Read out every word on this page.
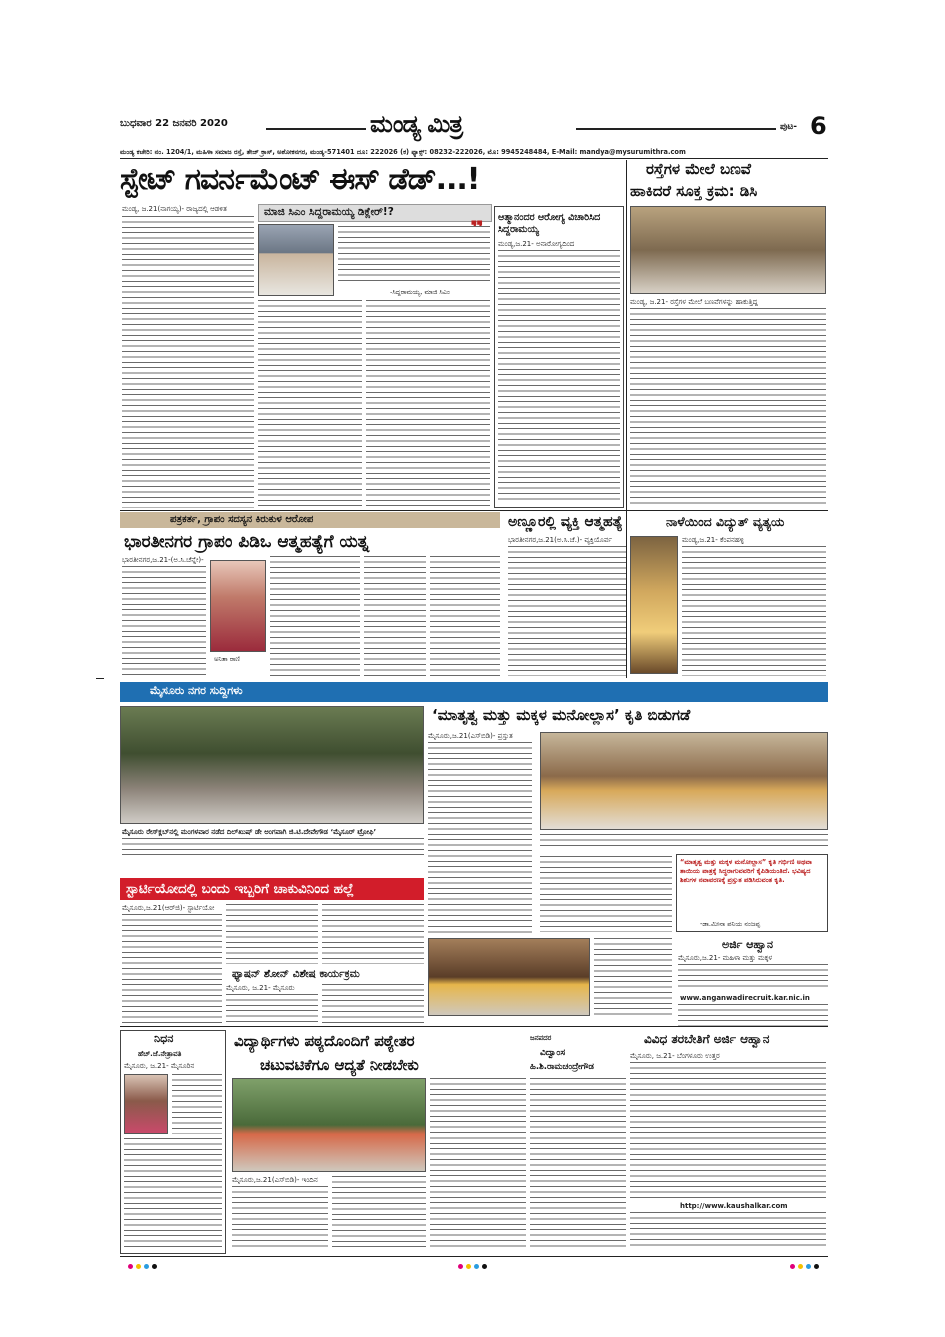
ಬುಧವಾರ 22 ಜನವರಿ 2020	ಮಂಡ್ಯ ಮಿತ್ರ	ಪುಟ- 6
ಮಂಡ್ಯ ಕಚೇರಿ: ನಂ. 1204/1, ಮಹಿಳಾ ಸಮಾಜ ರಸ್ತೆ, ತೇಜ್ ಕ್ರಾಸ್, ಅಶೋಕನಗರ, ಮಂಡ್ಯ-571401 ದೂ: 222026 (ಕ) ಫ್ಯಾಕ್ಸ್: 08232-222026, ಮೊ: 9945248484, E-Mail: mandya@mysurumithra.com
ಸ್ಟೇಟ್ ಗವರ್ನಮೆಂಟ್ ಈಸ್ ಡೆಡ್...!
ಮಾಜಿ ಸಿಎಂ ಸಿದ್ದರಾಮಯ್ಯ ಡಿಕ್ಲೇರ್!?
ಮಂಡ್ಯ, ಜ.21(ನಾಗಯ್ಯ)- ರಾಜ್ಯದಲ್ಲಿ ಆಡಳಿತ
-ಸಿದ್ದರಾಮಯ್ಯ, ಮಾಜಿ ಸಿಎಂ
ಆತ್ಮಾನಂದರ ಆರೋಗ್ಯ ವಿಚಾರಿಸಿದ ಸಿದ್ದರಾಮಯ್ಯ
ಮಂಡ್ಯ,ಜ.21- ಅನಾರೋಗ್ಯದಿಂದ
ರಸ್ತೆಗಳ ಮೇಲೆ ಬಣವೆ
ಹಾಕಿದರೆ ಸೂಕ್ತ ಕ್ರಮ: ಡಿಸಿ
ಮಂಡ್ಯ, ಜ.21- ರಸ್ತೆಗಳ ಮೇಲೆ ಬಣವೆಗಳನ್ನು ಹಾಕುತ್ತಿದ್ದ
ಪತ್ರಕರ್ತ, ಗ್ರಾಪಂ ಸದಸ್ಯನ ಕಿರುಕುಳ ಆರೋಪ
ಭಾರತೀನಗರ ಗ್ರಾಪಂ ಪಿಡಿಒ ಆತ್ಮಹತ್ಯೆಗೆ ಯತ್ನ
ಭಾರತೀನಗರ,ಜ.21-(ಅ.ಸಿ.ಚೆನ್ನೇ)-
ಅನಿತಾ ರಾಣಿ
ಅಣ್ಣೂರಲ್ಲಿ ವ್ಯಕ್ತಿ ಆತ್ಮಹತ್ಯೆ
ಭಾರತೀನಗರ,ಜ.21(ಅ.ಸಿ.ಚೆ.)- ವ್ಯಕ್ತಿಯೊರ್ವ
ನಾಳೆಯಿಂದ ವಿದ್ಯುತ್ ವ್ಯತ್ಯಯ
ಮಂಡ್ಯ,ಜ.21- ಕೆಂಪನಹಳ್ಳಿ
ಮೈಸೂರು ನಗರ ಸುದ್ದಿಗಳು
ಮೈಸೂರು ರೇಸ್‌ಕ್ಲಬ್‌ನಲ್ಲಿ ಮಂಗಳವಾರ ನಡೆದ ದಿಲ್‌ಖುಷ್ ಡೇ ಅಂಗವಾಗಿ ಜಿ.ಟಿ.ದೇವೇಗೌಡ ‘ಮೈಸೂರ್ ಟ್ರೋಫಿ’
‘ಮಾತೃತ್ವ ಮತ್ತು ಮಕ್ಕಳ ಮನೋಲ್ಲಾಸ’ ಕೃತಿ ಬಿಡುಗಡೆ
ಮೈಸೂರು,ಜ.21(ಎಸ್‌ಬಿಡಿ)- ಪ್ರಸ್ತುತ
“ಮಾತೃತ್ವ ಮತ್ತು ಮಕ್ಕಳ ಮನೋಲ್ಲಾಸ” ಕೃತಿ ಗರ್ಭಿಣಿ ಅಥವಾ ತಾಯಿಯ ಪಾತ್ರಕ್ಕೆ ಸಿದ್ಧರಾಗುವವರಿಗೆ ಕೈಪಿಡಿಯಂತಿದೆ. ಭವಿಷ್ಯದ ಶಿಶುಗಳ ನವಾವರಣಕ್ಕೆ ಪ್ರಸ್ತುತ ಪಡಿಸಿರುವಂತ ಕೃತಿ.
-ಡಾ.ಮೀನಾ ಪನಿಯ ನಂಜಪ್ಪ
ಸ್ಟಾರ್ಟಿಯೋದಲ್ಲಿ ಬಂದು ಇಬ್ಬರಿಗೆ ಚಾಕುವಿನಿಂದ ಹಲ್ಲೆ
ಮೈಸೂರು,ಜ.21(ಆರ್‌ಜಿ)- ಸ್ಟಾರ್ಟಿಯೋ
ಫ್ಯಾಷನ್ ಶೋನ್ ವಿಶೇಷ ಕಾರ್ಯಕ್ರಮ
ಮೈಸೂರು, ಜ.21- ಮೈಸೂರು
ಅರ್ಜಿ ಆಹ್ವಾನ
ಮೈಸೂರು,ಜ.21- ಮಹಿಳಾ ಮತ್ತು ಮಕ್ಕಳ
www.anganwadirecruit.kar.nic.in
ನಿಧನ
ಹೆಚ್.ಜೆ.ನೇತ್ರಾವತಿ
ಮೈಸೂರು, ಜ.21- ಮೈಸೂರಿನ
ವಿದ್ಯಾರ್ಥಿಗಳು ಪಠ್ಯದೊಂದಿಗೆ ಪಠ್ಯೇತರ
ಚಟುವಟಿಕೆಗೂ ಆದ್ಯತೆ ನೀಡಬೇಕು
ಮೈಸೂರು,ಜ.21(ಎಸ್‌ಬಿಡಿ)- ಇಂದಿನ
ಜನಪದರ
ವಿದ್ವಾಂಸ
ಹಿ.ಶಿ.ರಾಮಚಂದ್ರೇಗೌಡ
ವಿವಿಧ ತರಬೇತಿಗೆ ಅರ್ಜಿ ಆಹ್ವಾನ
ಮೈಸೂರು, ಜ.21- ಬೆಂಗಳೂರು ಉತ್ತರ
http://www.kaushalkar.com
